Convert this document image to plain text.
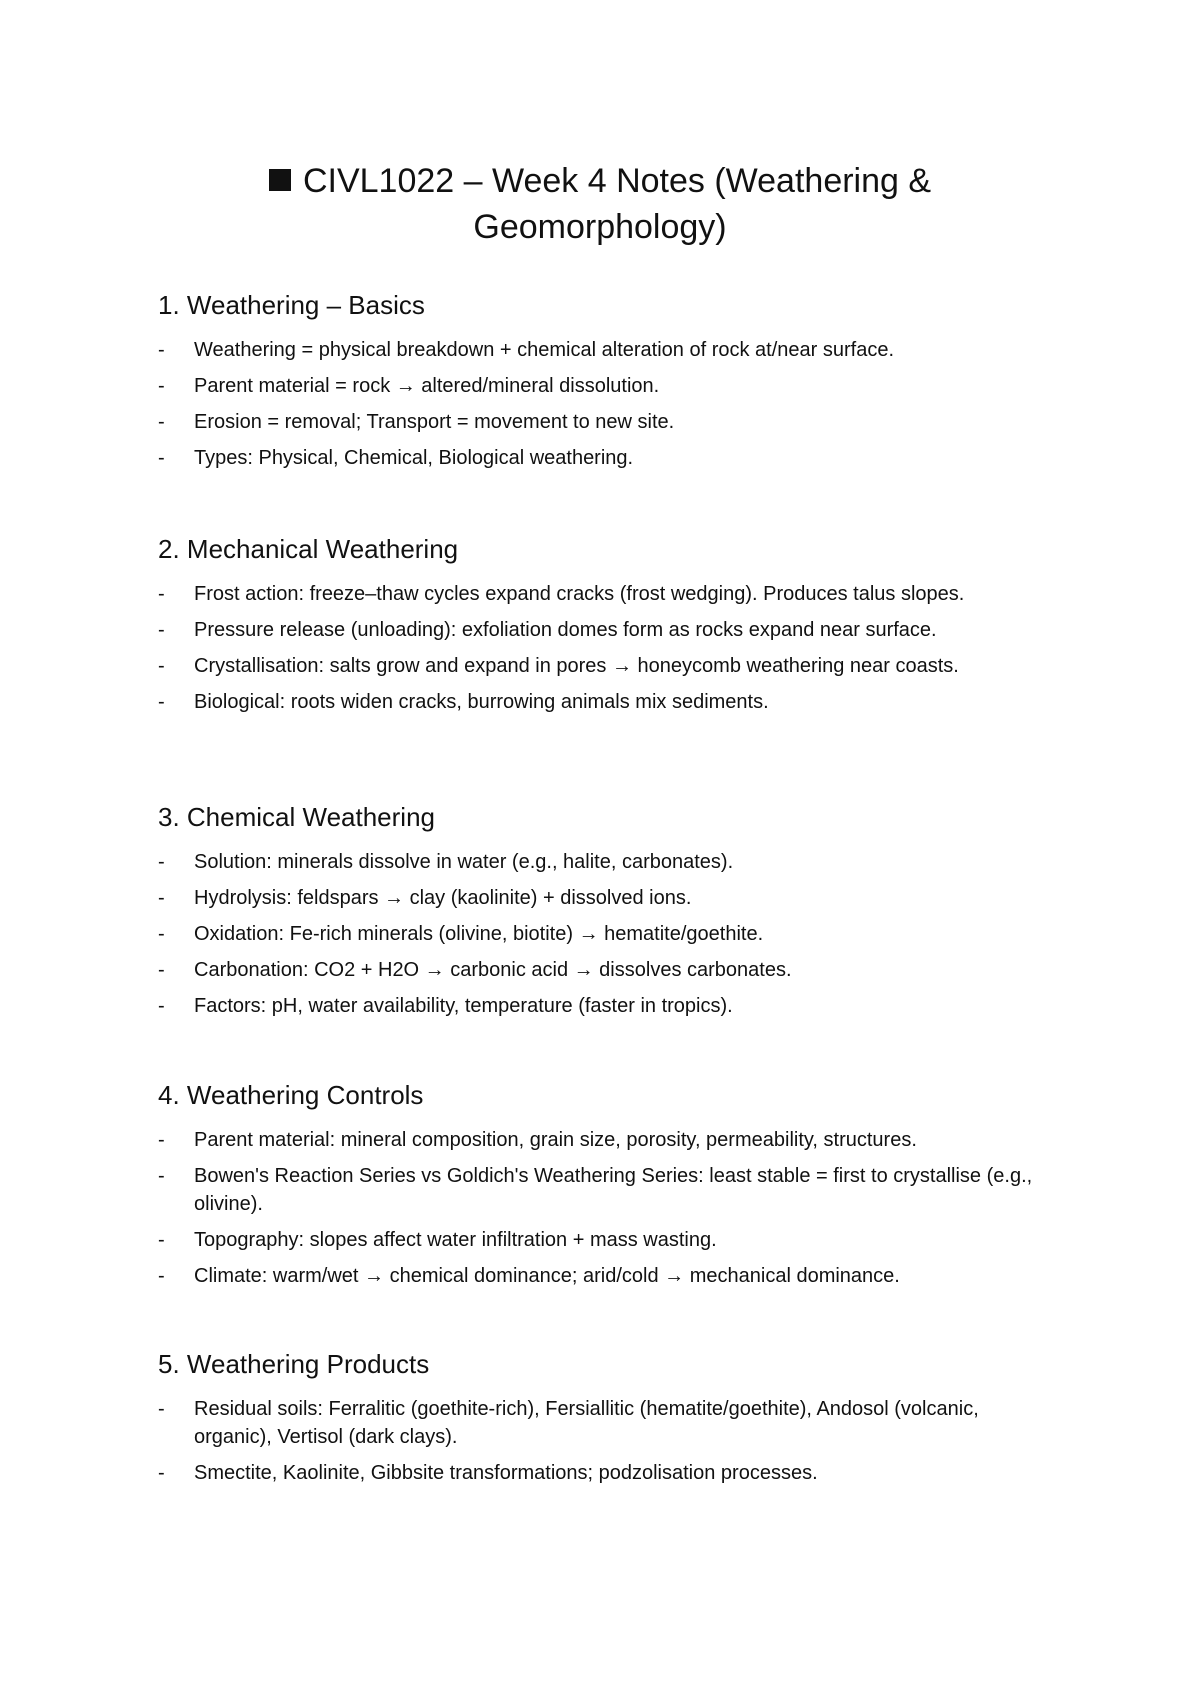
CIVL1022 – Week 4 Notes (Weathering & Geomorphology)
1. Weathering – Basics
- Weathering = physical breakdown + chemical alteration of rock at/near surface.
- Parent material = rock → altered/mineral dissolution.
- Erosion = removal; Transport = movement to new site.
- Types: Physical, Chemical, Biological weathering.
2. Mechanical Weathering
- Frost action: freeze–thaw cycles expand cracks (frost wedging). Produces talus slopes.
- Pressure release (unloading): exfoliation domes form as rocks expand near surface.
- Crystallisation: salts grow and expand in pores → honeycomb weathering near coasts.
- Biological: roots widen cracks, burrowing animals mix sediments.
3. Chemical Weathering
- Solution: minerals dissolve in water (e.g., halite, carbonates).
- Hydrolysis: feldspars → clay (kaolinite) + dissolved ions.
- Oxidation: Fe-rich minerals (olivine, biotite) → hematite/goethite.
- Carbonation: CO2 + H2O → carbonic acid → dissolves carbonates.
- Factors: pH, water availability, temperature (faster in tropics).
4. Weathering Controls
- Parent material: mineral composition, grain size, porosity, permeability, structures.
- Bowen's Reaction Series vs Goldich's Weathering Series: least stable = first to crystallise (e.g., olivine).
- Topography: slopes affect water infiltration + mass wasting.
- Climate: warm/wet → chemical dominance; arid/cold → mechanical dominance.
5. Weathering Products
- Residual soils: Ferralitic (goethite-rich), Fersiallitic (hematite/goethite), Andosol (volcanic, organic), Vertisol (dark clays).
- Smectite, Kaolinite, Gibbsite transformations; podzolisation processes.
